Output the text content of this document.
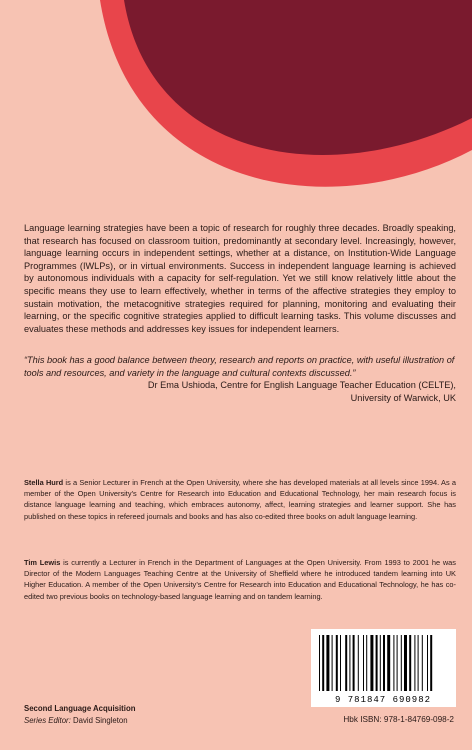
Language learning strategies have been a topic of research for roughly three decades. Broadly speaking, that research has focused on classroom tuition, predominantly at secondary level. Increasingly, however, language learning occurs in independent settings, whether at a distance, on Institution-Wide Language Programmes (IWLPs), or in virtual environments. Success in independent language learning is achieved by autonomous individuals with a capacity for self-regulation. Yet we still know relatively little about the specific means they use to learn effectively, whether in terms of the affective strategies they employ to sustain motivation, the metacognitive strategies required for planning, monitoring and evaluating their learning, or the specific cognitive strategies applied to difficult learning tasks. This volume discusses and evaluates these methods and addresses key issues for independent learners.
“This book has a good balance between theory, research and reports on practice, with useful illustration of tools and resources, and variety in the language and cultural contexts discussed.”
Dr Ema Ushioda, Centre for English Language Teacher Education (CELTE),
University of Warwick, UK
Stella Hurd is a Senior Lecturer in French at the Open University, where she has developed materials at all levels since 1994. As a member of the Open University’s Centre for Research into Education and Educational Technology, her main research focus is distance language learning and teaching, which embraces autonomy, affect, learning strategies and learner support. She has published on these topics in refereed journals and books and has also co-edited three books on adult language learning.
Tim Lewis is currently a Lecturer in French in the Department of Languages at the Open University. From 1993 to 2001 he was Director of the Modern Languages Teaching Centre at the University of Sheffield where he introduced tandem learning into UK Higher Education. A member of the Open University’s Centre for Research into Education and Educational Technology, he has co-edited two previous books on technology-based language learning and on tandem learning.
Second Language Acquisition
Series Editor: David Singleton
9 781847 690982
Hbk ISBN: 978-1-84769-098-2
